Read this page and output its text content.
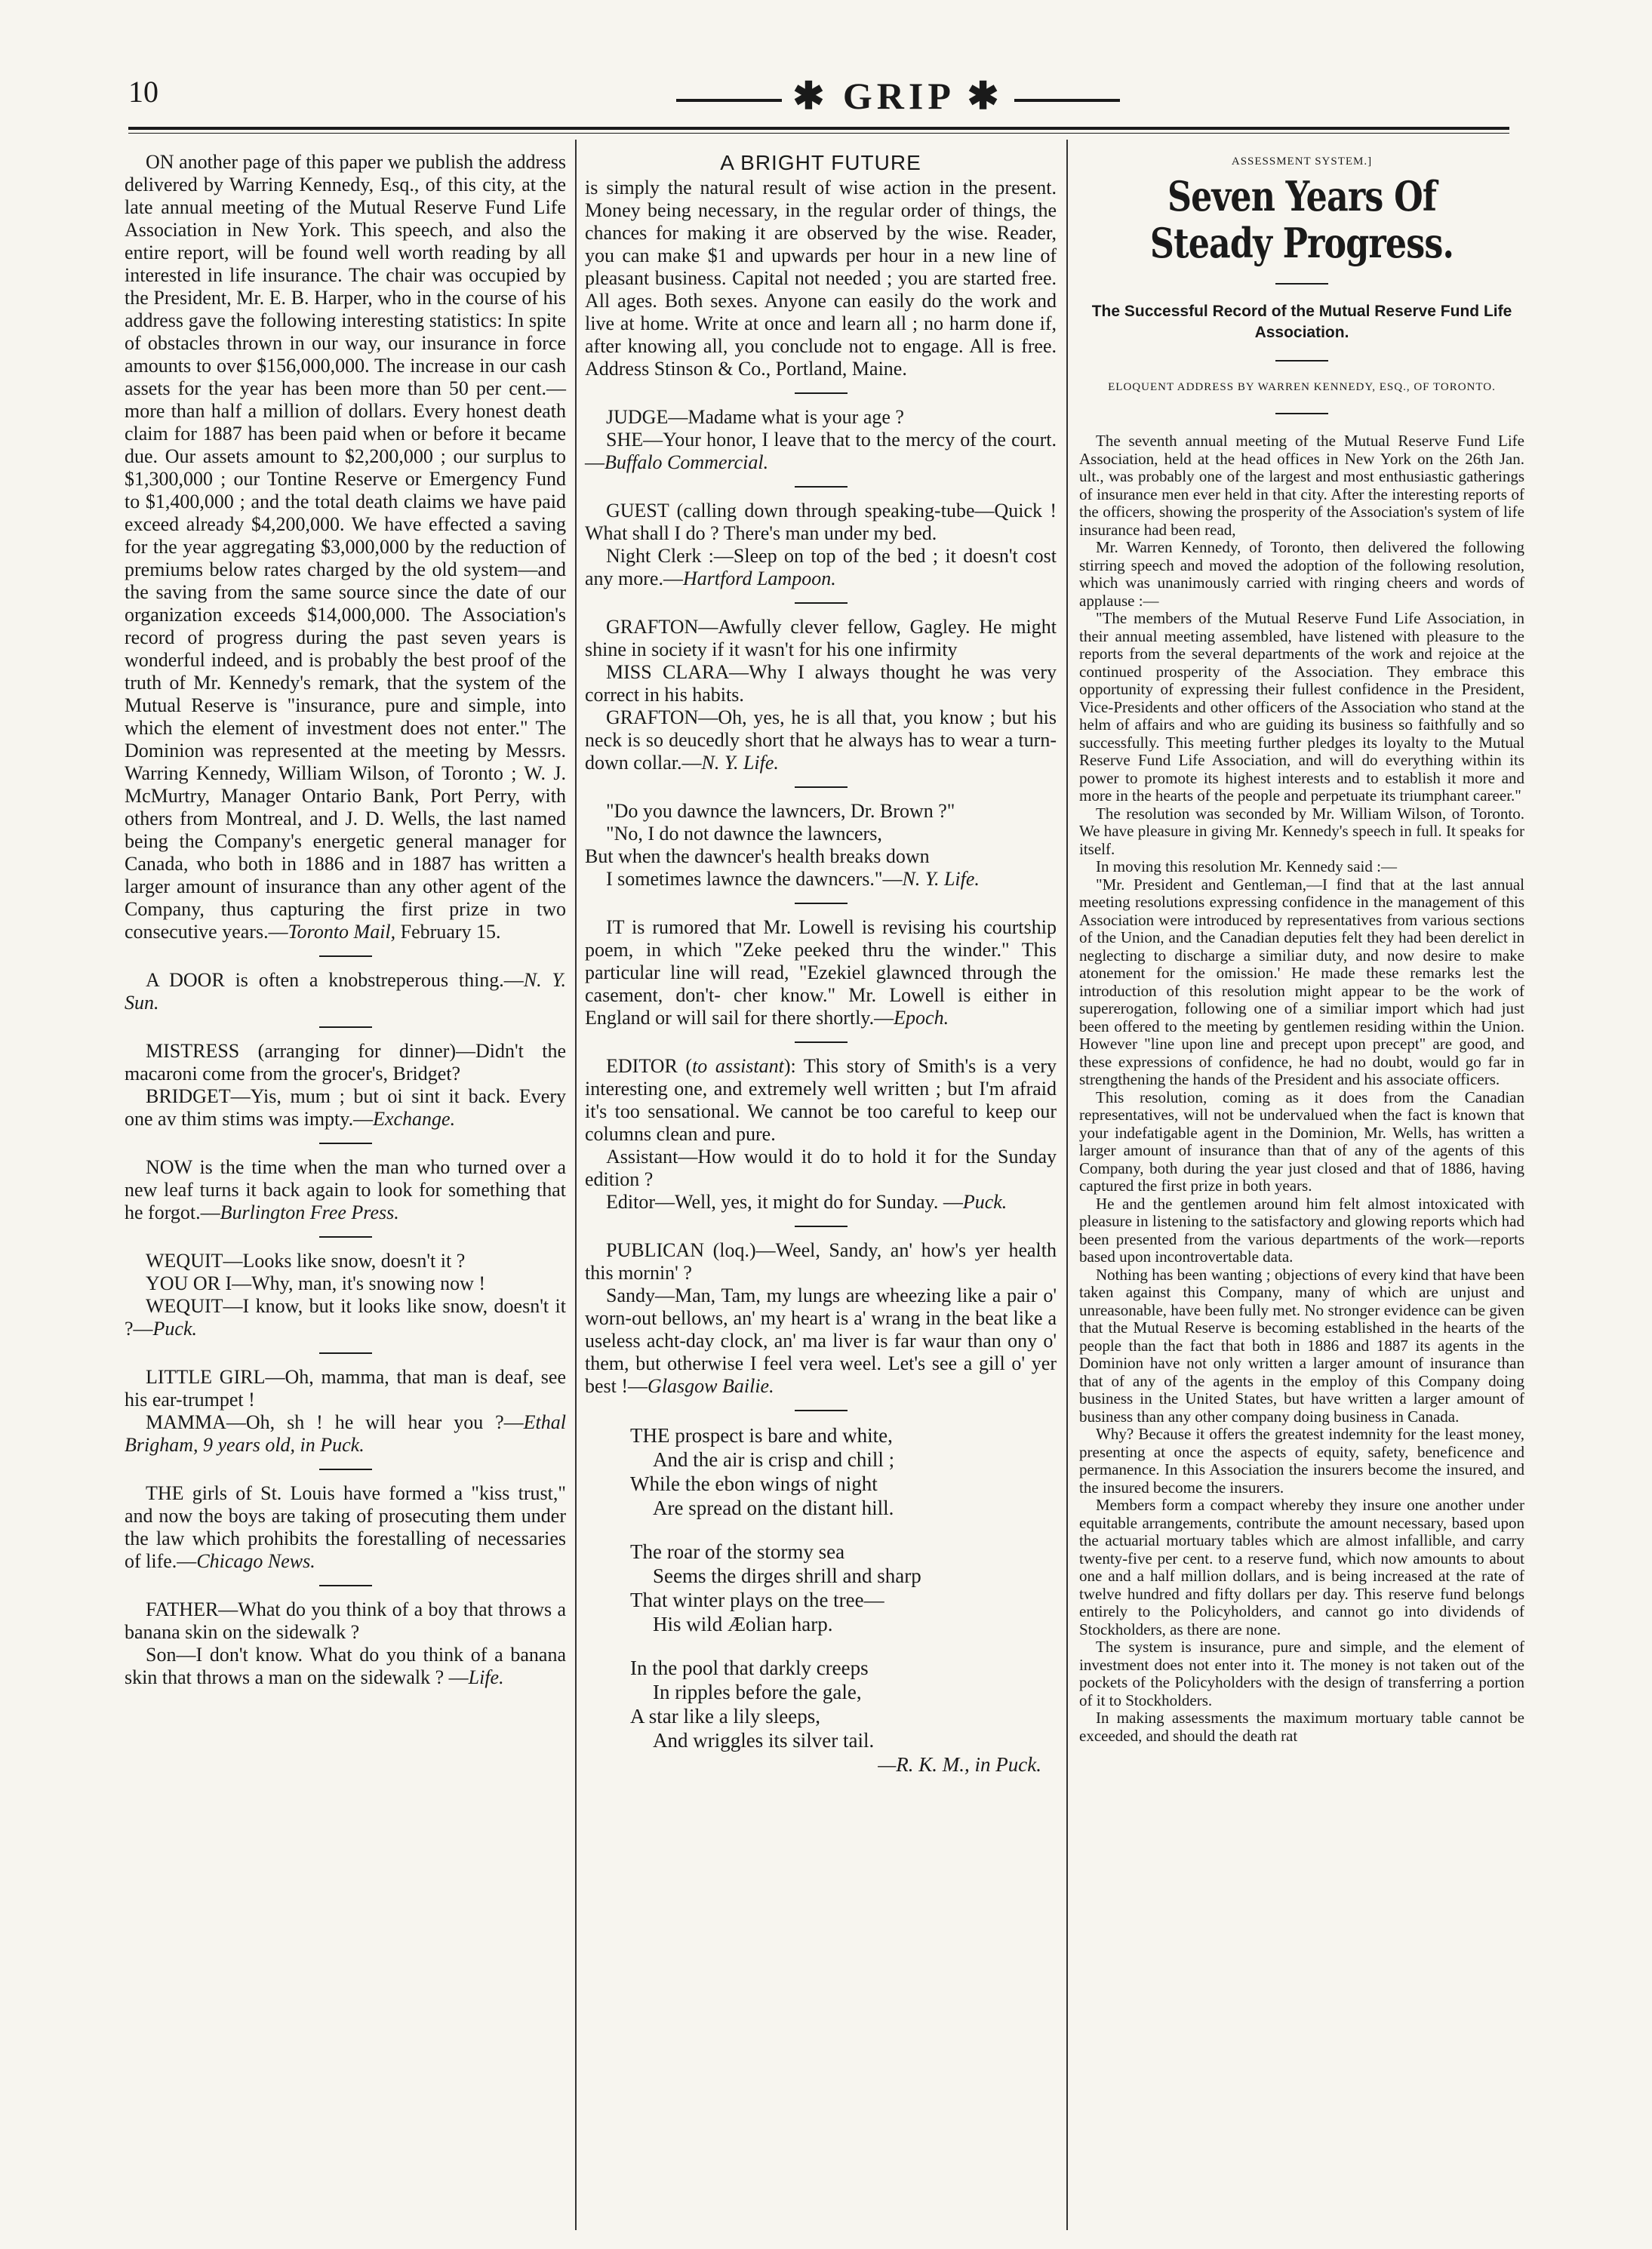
10	✱ GRIP ✱

ON another page of this paper we publish the address delivered by Warring Kennedy, Esq., of this city, at the late annual meeting of the Mutual Reserve Fund Life Association in New York. This speech, and also the entire report, will be found well worth reading by all interested in life insurance. The chair was occupied by the President, Mr. E. B. Harper, who in the course of his address gave the following interesting statistics: In spite of obstacles thrown in our way, our insurance in force amounts to over $156,000,000. The increase in our cash assets for the year has been more than 50 per cent.—more than half a million of dollars. Every honest death claim for 1887 has been paid when or before it became due. Our assets amount to $2,200,000 ; our surplus to $1,300,000 ; our Tontine Reserve or Emergency Fund to $1,400,000 ; and the total death claims we have paid exceed already $4,200,000. We have effected a saving for the year aggregating $3,000,000 by the reduction of premiums below rates charged by the old system—and the saving from the same source since the date of our organization exceeds $14,000,000. The Association's record of progress during the past seven years is wonderful indeed, and is probably the best proof of the truth of Mr. Kennedy's remark, that the system of the Mutual Reserve is "insurance, pure and simple, into which the element of investment does not enter." The Dominion was represented at the meeting by Messrs. Warring Kennedy, William Wilson, of Toronto ; W. J. McMurtry, Manager Ontario Bank, Port Perry, with others from Montreal, and J. D. Wells, the last named being the Company's energetic general manager for Canada, who both in 1886 and in 1887 has written a larger amount of insurance than any other agent of the Company, thus capturing the first prize in two consecutive years.—Toronto Mail, February 15.

A DOOR is often a knobstreperous thing.—N. Y. Sun.

MISTRESS (arranging for dinner)—Didn't the macaroni come from the grocer's, Bridget?

BRIDGET—Yis, mum ; but oi sint it back. Every one av thim stims was impty.—Exchange.

NOW is the time when the man who turned over a new leaf turns it back again to look for something that he forgot.—Burlington Free Press.

WEQUIT—Looks like snow, doesn't it ?

YOU OR I—Why, man, it's snowing now !

WEQUIT—I know, but it looks like snow, doesn't it ?—Puck.

LITTLE GIRL—Oh, mamma, that man is deaf, see his ear-trumpet !

MAMMA—Oh, sh ! he will hear you ?—Ethal Brigham, 9 years old, in Puck.

THE girls of St. Louis have formed a "kiss trust," and now the boys are taking of prosecuting them under the law which prohibits the forestalling of necessaries of life.—Chicago News.

FATHER—What do you think of a boy that throws a banana skin on the sidewalk ?

Son—I don't know. What do you think of a banana skin that throws a man on the sidewalk ? —Life.

A BRIGHT FUTURE

is simply the natural result of wise action in the present. Money being necessary, in the regular order of things, the chances for making it are observed by the wise. Reader, you can make $1 and upwards per hour in a new line of pleasant business. Capital not needed ; you are started free. All ages. Both sexes. Anyone can easily do the work and live at home. Write at once and learn all ; no harm done if, after knowing all, you conclude not to engage. All is free. Address Stinson & Co., Portland, Maine.

JUDGE—Madame what is your age ?

SHE—Your honor, I leave that to the mercy of the court.—Buffalo Commercial.

GUEST (calling down through speaking-tube—Quick ! What shall I do ? There's man under my bed.

Night Clerk :—Sleep on top of the bed ; it doesn't cost any more.—Hartford Lampoon.

GRAFTON—Awfully clever fellow, Gagley. He might shine in society if it wasn't for his one infirmity

MISS CLARA—Why I always thought he was very correct in his habits.

GRAFTON—Oh, yes, he is all that, you know ; but his neck is so deucedly short that he always has to wear a turn-down collar.—N. Y. Life.

"Do you dawnce the lawncers, Dr. Brown ?"

"No, I do not dawnce the lawncers,

But when the dawncer's health breaks down

I sometimes lawnce the dawncers."—N. Y. Life.

IT is rumored that Mr. Lowell is revising his courtship poem, in which "Zeke peeked thru the winder." This particular line will read, "Ezekiel glawnced through the casement, don't- cher know." Mr. Lowell is either in England or will sail for there shortly.—Epoch.

EDITOR (to assistant): This story of Smith's is a very interesting one, and extremely well written ; but I'm afraid it's too sensational. We cannot be too careful to keep our columns clean and pure.

Assistant—How would it do to hold it for the Sunday edition ?

Editor—Well, yes, it might do for Sunday. —Puck.

PUBLICAN (loq.)—Weel, Sandy, an' how's yer health this mornin' ?

Sandy—Man, Tam, my lungs are wheezing like a pair o' worn-out bellows, an' my heart is a' wrang in the beat like a useless acht-day clock, an' ma liver is far waur than ony o' them, but otherwise I feel vera weel. Let's see a gill o' yer best !—Glasgow Bailie.

THE prospect is bare and white,
And the air is crisp and chill ;
While the ebon wings of night
Are spread on the distant hill.
The roar of the stormy sea
Seems the dirges shrill and sharp
That winter plays on the tree—
His wild Æolian harp.
In the pool that darkly creeps
In ripples before the gale,
A star like a lily sleeps,
And wriggles its silver tail.
—R. K. M., in Puck.
ASSESSMENT SYSTEM.]
Seven Years Of Steady Progress.
The Successful Record of the Mutual Reserve Fund Life Association.
ELOQUENT ADDRESS BY WARREN KENNEDY, ESQ., OF TORONTO.

The seventh annual meeting of the Mutual Reserve Fund Life Association, held at the head offices in New York on the 26th Jan. ult., was probably one of the largest and most enthusiastic gatherings of insurance men ever held in that city. After the interesting reports of the officers, showing the prosperity of the Association's system of life insurance had been read,

Mr. Warren Kennedy, of Toronto, then delivered the following stirring speech and moved the adoption of the following resolution, which was unanimously carried with ringing cheers and words of applause :—

"The members of the Mutual Reserve Fund Life Association, in their annual meeting assembled, have listened with pleasure to the reports from the several departments of the work and rejoice at the continued prosperity of the Association. They embrace this opportunity of expressing their fullest confidence in the President, Vice-Presidents and other officers of the Association who stand at the helm of affairs and who are guiding its business so faithfully and so successfully. This meeting further pledges its loyalty to the Mutual Reserve Fund Life Association, and will do everything within its power to promote its highest interests and to establish it more and more in the hearts of the people and perpetuate its triumphant career."

The resolution was seconded by Mr. William Wilson, of Toronto. We have pleasure in giving Mr. Kennedy's speech in full. It speaks for itself.

In moving this resolution Mr. Kennedy said :—

"Mr. President and Gentleman,—I find that at the last annual meeting resolutions expressing confidence in the management of this Association were introduced by representatives from various sections of the Union, and the Canadian deputies felt they had been derelict in neglecting to discharge a similiar duty, and now desire to make atonement for the omission.' He made these remarks lest the introduction of this resolution might appear to be the work of supererogation, following one of a similiar import which had just been offered to the meeting by gentlemen residing within the Union. However "line upon line and precept upon precept" are good, and these expressions of confidence, he had no doubt, would go far in strengthening the hands of the President and his associate officers.

This resolution, coming as it does from the Canadian representatives, will not be undervalued when the fact is known that your indefatigable agent in the Dominion, Mr. Wells, has written a larger amount of insurance than that of any of the agents of this Company, both during the year just closed and that of 1886, having captured the first prize in both years.

He and the gentlemen around him felt almost intoxicated with pleasure in listening to the satisfactory and glowing reports which had been presented from the various departments of the work—reports based upon incontrovertable data.

Nothing has been wanting ; objections of every kind that have been taken against this Company, many of which are unjust and unreasonable, have been fully met. No stronger evidence can be given that the Mutual Reserve is becoming established in the hearts of the people than the fact that both in 1886 and 1887 its agents in the Dominion have not only written a larger amount of insurance than that of any of the agents in the employ of this Company doing business in the United States, but have written a larger amount of business than any other company doing business in Canada.

Why? Because it offers the greatest indemnity for the least money, presenting at once the aspects of equity, safety, beneficence and permanence. In this Association the insurers become the insured, and the insured become the insurers.

Members form a compact whereby they insure one another under equitable arrangements, contribute the amount necessary, based upon the actuarial mortuary tables which are almost infallible, and carry twenty-five per cent. to a reserve fund, which now amounts to about one and a half million dollars, and is being increased at the rate of twelve hundred and fifty dollars per day. This reserve fund belongs entirely to the Policyholders, and cannot go into dividends of Stockholders, as there are none.

The system is insurance, pure and simple, and the element of investment does not enter into it. The money is not taken out of the pockets of the Policyholders with the design of transferring a portion of it to Stockholders.

In making assessments the maximum mortuary table cannot be exceeded, and should the death rat
